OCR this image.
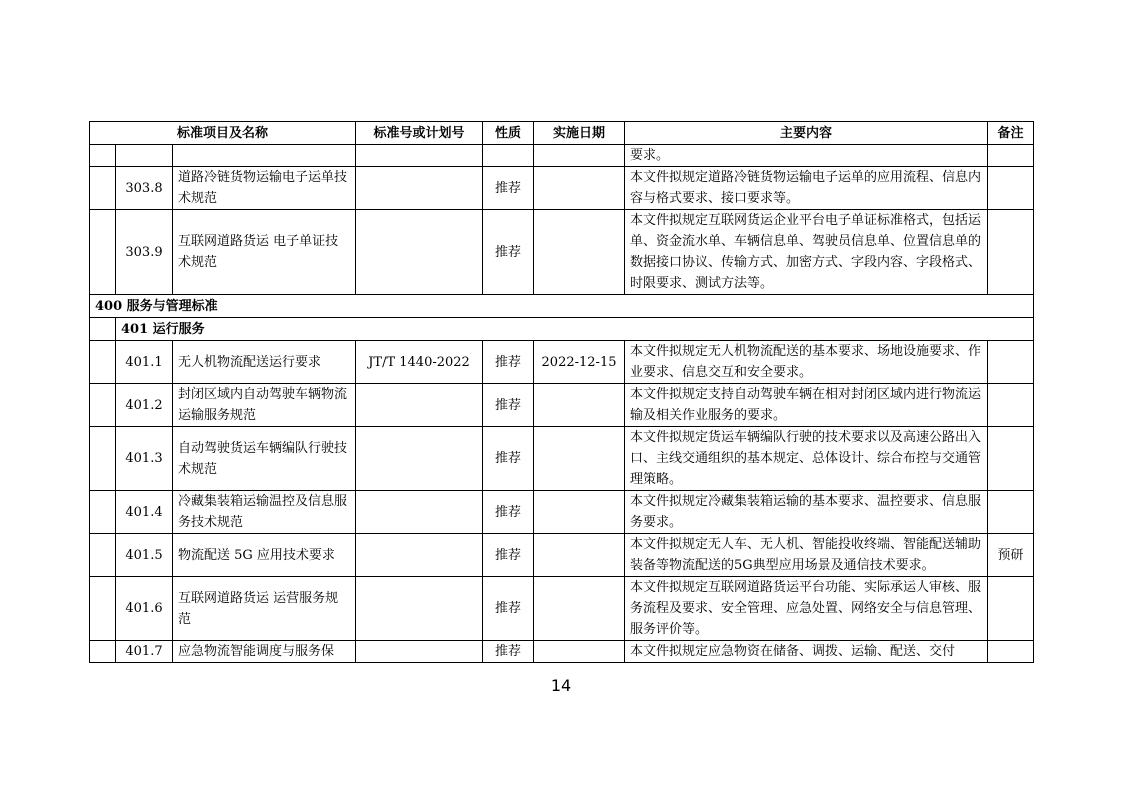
标准项目及名称			标准号或计划号	性质	实施日期	主要内容	备注
						要求。	
	303.8	道路冷链货物运输电子运单技术规范		推荐		本文件拟规定道路冷链货物运输电子运单的应用流程、信息内容与格式要求、接口要求等。	
	303.9	互联网道路货运 电子单证技术规范		推荐		本文件拟规定互联网货运企业平台电子单证标准格式，包括运单、资金流水单、车辆信息单、驾驶员信息单、位置信息单的数据接口协议、传输方式、加密方式、字段内容、字段格式、时限要求、测试方法等。	
400 服务与管理标准							
	401 运行服务						
	401.1	无人机物流配送运行要求	JT/T 1440-2022	推荐	2022-12-15	本文件拟规定无人机物流配送的基本要求、场地设施要求、作业要求、信息交互和安全要求。	
	401.2	封闭区域内自动驾驶车辆物流运输服务规范		推荐		本文件拟规定支持自动驾驶车辆在相对封闭区域内进行物流运输及相关作业服务的要求。	
	401.3	自动驾驶货运车辆编队行驶技术规范		推荐		本文件拟规定货运车辆编队行驶的技术要求以及高速公路出入口、主线交通组织的基本规定、总体设计、综合布控与交通管理策略。	
	401.4	冷藏集装箱运输温控及信息服务技术规范		推荐		本文件拟规定冷藏集装箱运输的基本要求、温控要求、信息服务要求。	
	401.5	物流配送 5G 应用技术要求		推荐		本文件拟规定无人车、无人机、智能投收终端、智能配送辅助装备等物流配送的5G典型应用场景及通信技术要求。	预研
	401.6	互联网道路货运 运营服务规范		推荐		本文件拟规定互联网道路货运平台功能、实际承运人审核、服务流程及要求、安全管理、应急处置、网络安全与信息管理、服务评价等。	
	401.7	应急物流智能调度与服务保		推荐		本文件拟规定应急物资在储备、调拨、运输、配送、交付	
14
